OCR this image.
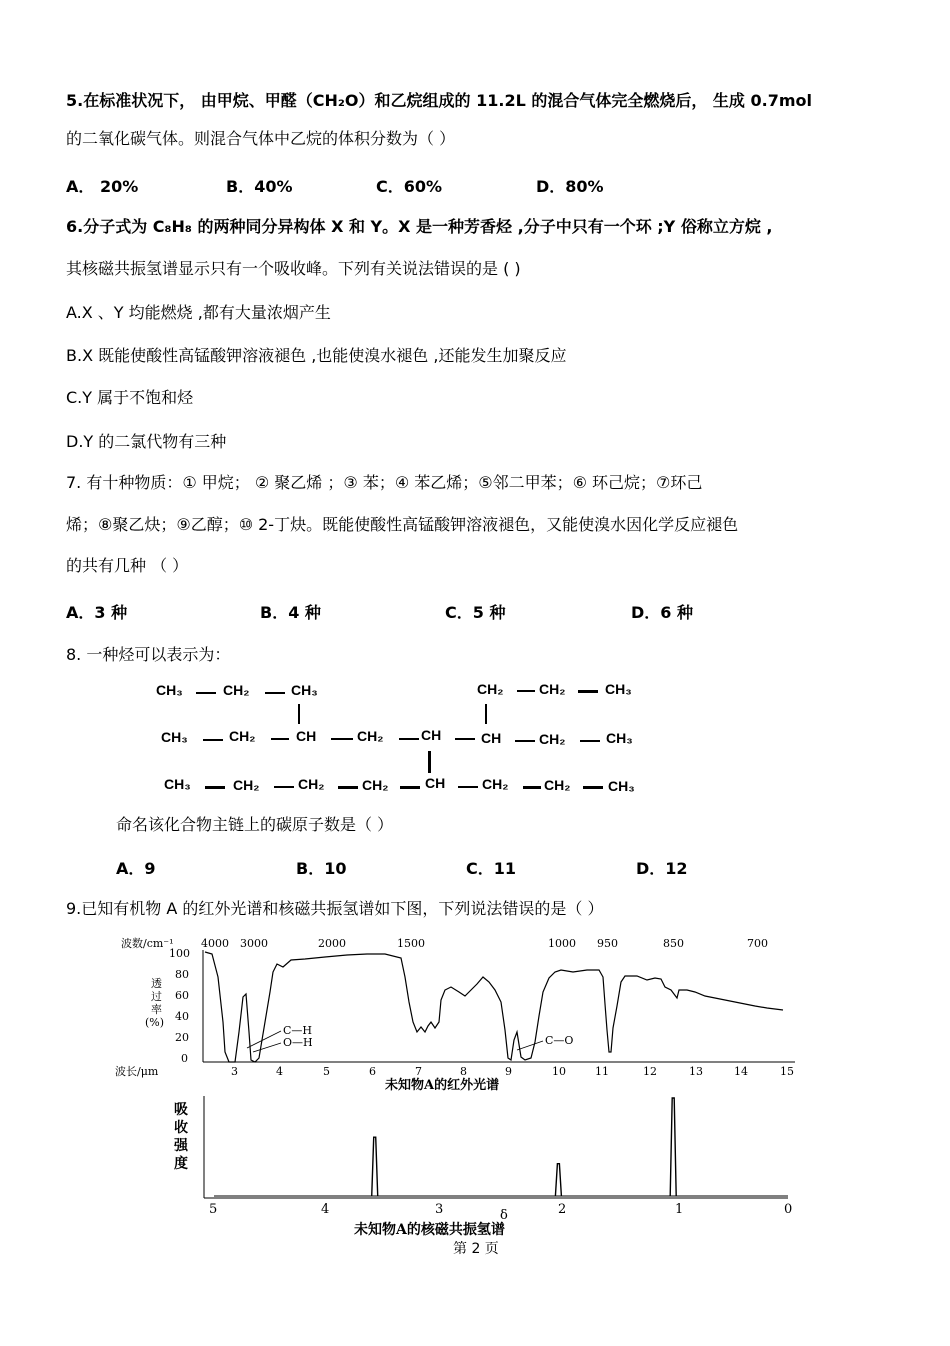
5.在标准状况下， 由甲烷、甲醛（CH₂O）和乙烷组成的 11.2L 的混合气体完全燃烧后， 生成 0.7mol
的二氧化碳气体。则混合气体中乙烷的体积分数为（ ）
A． 20%	B．40%	C．60%	D．80%
6.分子式为 C₈H₈ 的两种同分异构体 X 和 Y。X 是一种芳香烃 ,分子中只有一个环 ;Y 俗称立方烷 ,
其核磁共振氢谱显示只有一个吸收峰。下列有关说法错误的是 ( )
A.X 、Y 均能燃烧 ,都有大量浓烟产生
B.X 既能使酸性高锰酸钾溶液褪色 ,也能使溴水褪色 ,还能发生加聚反应
C.Y 属于不饱和烃
D.Y 的二氯代物有三种
7. 有十种物质：① 甲烷； ② 聚乙烯 ；③ 苯；④ 苯乙烯；⑤邻二甲苯；⑥ 环己烷；⑦环己
烯；⑧聚乙炔；⑨乙醇；⑩ 2-丁炔。既能使酸性高锰酸钾溶液褪色，又能使溴水因化学反应褪色
的共有几种 （ ）
A．3 种	B．4 种	C．5 种	D．6 种
8. 一种烃可以表示为：
CH₃	CH₂	CH₃	CH₂	CH₂	CH₃
CH₃	CH₂	CH	CH₂	CH	CH	CH₂	CH₃
CH₃	CH₂	CH₂	CH₂	CH	CH₂	CH₂	CH₃
命名该化合物主链上的碳原子数是（ ）
A．9	B．10	C．11	D．12
9.已知有机物 A 的红外光谱和核磁共振氢谱如下图，下列说法错误的是（ ）
波数/cm⁻¹ 4000 3000	2000	1500	1000 950	850	700
100
80
60
40
20
0
透
过
率
(%)
C—H
O—H	C—O
波长/μm	3	4	5	6	7	8	9	10	11	12	13	14	15
未知物A的红外光谱
吸
收
强
度
5	4	3	2	1	0
δ
未知物A的核磁共振氢谱
第 2 页
